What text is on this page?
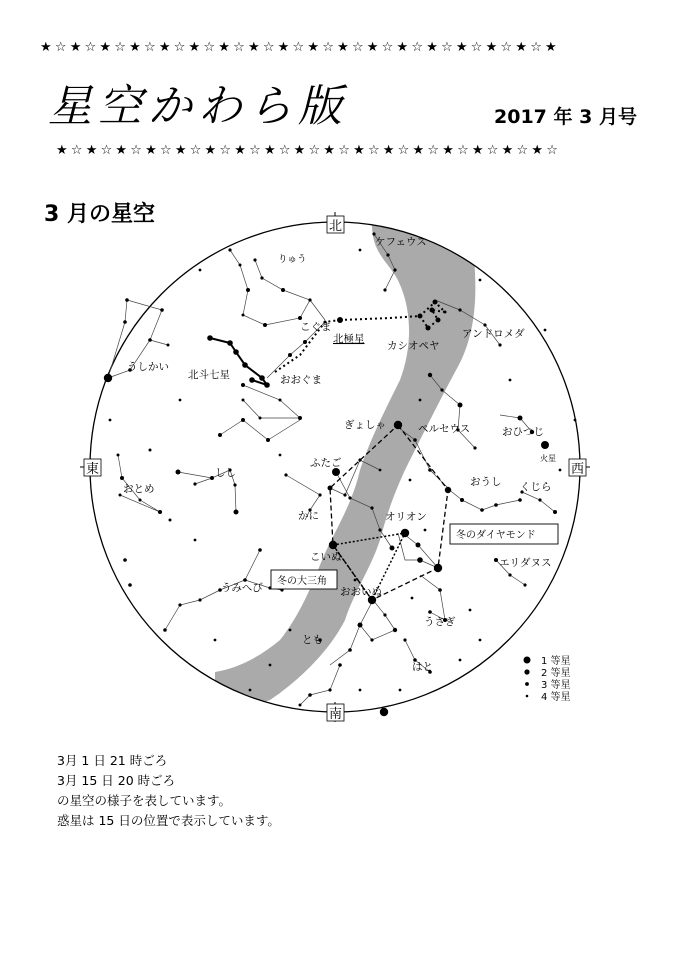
★☆★☆★☆★☆★☆★☆★☆★☆★☆★☆★☆★☆★☆★☆★☆★☆★☆★
星空かわら版	2017 年 3 月号
★☆★☆★☆★☆★☆★☆★☆★☆★☆★☆★☆★☆★☆★☆★☆★☆★☆
3 月の星空	北
南
東	西
ケフェウス
りゅう
こぐま
北極星
カシオペヤ
アンドロメダ
うしかい
北斗七星	おおぐま
ぎょしゃ	ペルセウス	おひつじ
火星
ふたご
おうし
おとめ
しし
くじら
かに	オリオン
こいぬ	エリダヌス
うみへび	おおいぬ
うさぎ
とも
はと
冬のダイヤモンド
冬の大三角
1 等星
2 等星
3 等星
4 等星
3月 1 日 21 時ごろ
3月 15 日 20 時ごろ
の星空の様子を表しています。
惑星は 15 日の位置で表示しています。
